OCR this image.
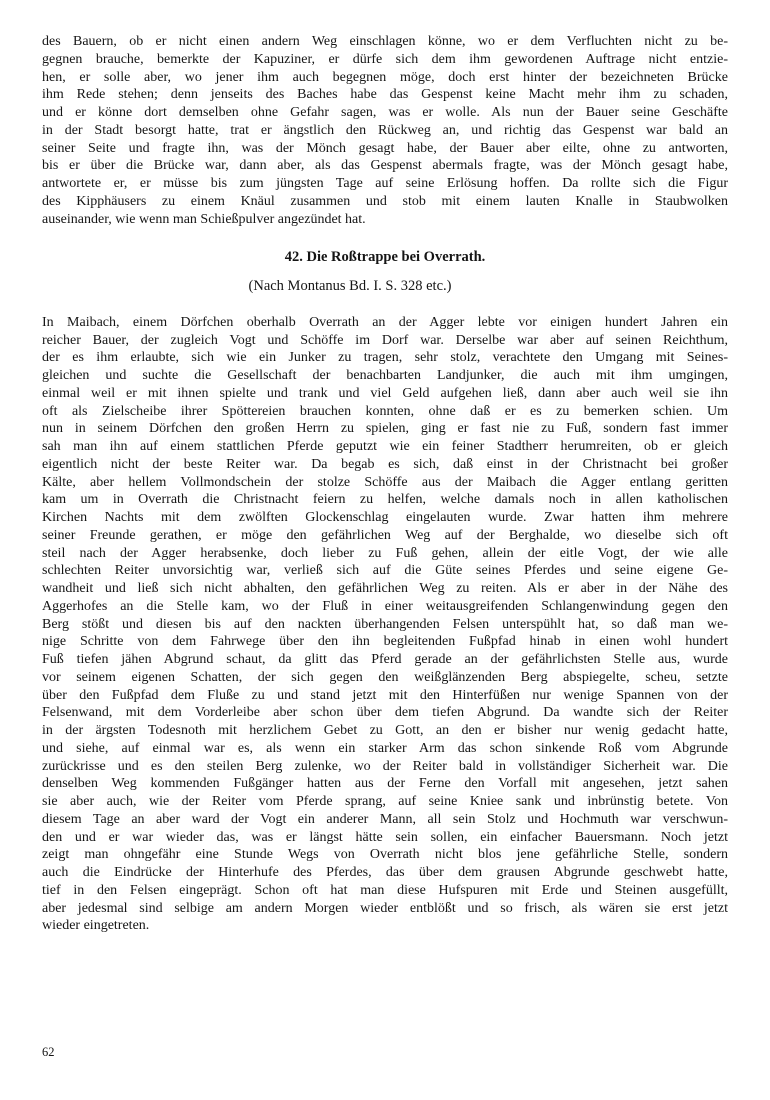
des Bauern, ob er nicht einen andern Weg einschlagen könne, wo er dem Verfluchten nicht zu be-
gegnen brauche, bemerkte der Kapuziner, er dürfe sich dem ihm gewordenen Auftrage nicht entzie-
hen, er solle aber, wo jener ihm auch begegnen möge, doch erst hinter der bezeichneten Brücke
ihm Rede stehen; denn jenseits des Baches habe das Gespenst keine Macht mehr ihm zu schaden,
und er könne dort demselben ohne Gefahr sagen, was er wolle. Als nun der Bauer seine Geschäfte
in der Stadt besorgt hatte, trat er ängstlich den Rückweg an, und richtig das Gespenst war bald an
seiner Seite und fragte ihn, was der Mönch gesagt habe, der Bauer aber eilte, ohne zu antworten,
bis er über die Brücke war, dann aber, als das Gespenst abermals fragte, was der Mönch gesagt habe,
antwortete er, er müsse bis zum jüngsten Tage auf seine Erlösung hoffen. Da rollte sich die Figur
des Kipphäusers zu einem Knäul zusammen und stob mit einem lauten Knalle in Staubwolken
auseinander, wie wenn man Schießpulver angezündet hat.
42. Die Roßtrappe bei Overrath.
(Nach Montanus Bd. I. S. 328 etc.)
In Maibach, einem Dörfchen oberhalb Overrath an der Agger lebte vor einigen hundert Jahren ein
reicher Bauer, der zugleich Vogt und Schöffe im Dorf war. Derselbe war aber auf seinen Reichthum,
der es ihm erlaubte, sich wie ein Junker zu tragen, sehr stolz, verachtete den Umgang mit Seines-
gleichen und suchte die Gesellschaft der benachbarten Landjunker, die auch mit ihm umgingen,
einmal weil er mit ihnen spielte und trank und viel Geld aufgehen ließ, dann aber auch weil sie ihn
oft als Zielscheibe ihrer Spöttereien brauchen konnten, ohne daß er es zu bemerken schien. Um
nun in seinem Dörfchen den großen Herrn zu spielen, ging er fast nie zu Fuß, sondern fast immer
sah man ihn auf einem stattlichen Pferde geputzt wie ein feiner Stadtherr herumreiten, ob er gleich
eigentlich nicht der beste Reiter war. Da begab es sich, daß einst in der Christnacht bei großer
Kälte, aber hellem Vollmondschein der stolze Schöffe aus der Maibach die Agger entlang geritten
kam um in Overrath die Christnacht feiern zu helfen, welche damals noch in allen katholischen
Kirchen Nachts mit dem zwölften Glockenschlag eingelauten wurde. Zwar hatten ihm mehrere
seiner Freunde gerathen, er möge den gefährlichen Weg auf der Berghalde, wo dieselbe sich oft
steil nach der Agger herabsenke, doch lieber zu Fuß gehen, allein der eitle Vogt, der wie alle
schlechten Reiter unvorsichtig war, verließ sich auf die Güte seines Pferdes und seine eigene Ge-
wandheit und ließ sich nicht abhalten, den gefährlichen Weg zu reiten. Als er aber in der Nähe des
Aggerhofes an die Stelle kam, wo der Fluß in einer weitausgreifenden Schlangenwindung gegen den
Berg stößt und diesen bis auf den nackten überhangenden Felsen unterspühlt hat, so daß man we-
nige Schritte von dem Fahrwege über den ihn begleitenden Fußpfad hinab in einen wohl hundert
Fuß tiefen jähen Abgrund schaut, da glitt das Pferd gerade an der gefährlichsten Stelle aus, wurde
vor seinem eigenen Schatten, der sich gegen den weißglänzenden Berg abspiegelte, scheu, setzte
über den Fußpfad dem Fluße zu und stand jetzt mit den Hinterfüßen nur wenige Spannen von der
Felsenwand, mit dem Vorderleibe aber schon über dem tiefen Abgrund. Da wandte sich der Reiter
in der ärgsten Todesnoth mit herzlichem Gebet zu Gott, an den er bisher nur wenig gedacht hatte,
und siehe, auf einmal war es, als wenn ein starker Arm das schon sinkende Roß vom Abgrunde
zurückrisse und es den steilen Berg zulenke, wo der Reiter bald in vollständiger Sicherheit war. Die
denselben Weg kommenden Fußgänger hatten aus der Ferne den Vorfall mit angesehen, jetzt sahen
sie aber auch, wie der Reiter vom Pferde sprang, auf seine Kniee sank und inbrünstig betete. Von
diesem Tage an aber ward der Vogt ein anderer Mann, all sein Stolz und Hochmuth war verschwun-
den und er war wieder das, was er längst hätte sein sollen, ein einfacher Bauersmann. Noch jetzt
zeigt man ohngefähr eine Stunde Wegs von Overrath nicht blos jene gefährliche Stelle, sondern
auch die Eindrücke der Hinterhufe des Pferdes, das über dem grausen Abgrunde geschwebt hatte,
tief in den Felsen eingeprägt. Schon oft hat man diese Hufspuren mit Erde und Steinen ausgefüllt,
aber jedesmal sind selbige am andern Morgen wieder entblößt und so frisch, als wären sie erst jetzt
wieder eingetreten.
62
